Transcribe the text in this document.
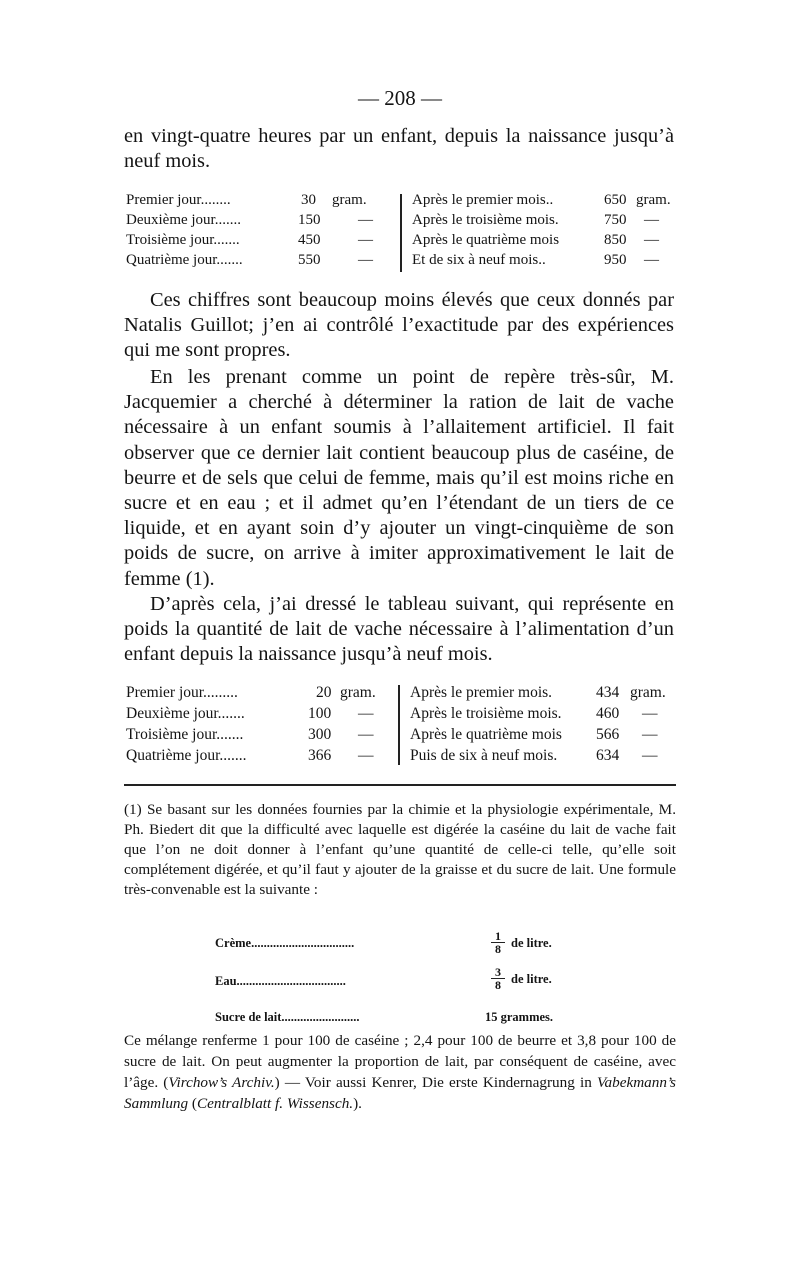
— 208 —

en vingt-quatre heures par un enfant, depuis la naissance jusqu’à neuf mois.

Premier jour........	30 gram.	Après le premier mois..	650 gram.
Deuxième jour.......	150	—	Après le troisième mois.	750 —
Troisième jour.......	450	—	Après le quatrième mois	850 —
Quatrième jour.......	550	—	Et de six à neuf mois..	950 —

Ces chiffres sont beaucoup moins élevés que ceux donnés par Natalis Guillot; j’en ai contrôlé l’exactitude par des expériences qui me sont propres.

En les prenant comme un point de repère très-sûr, M. Jacquemier a cherché à déterminer la ration de lait de vache nécessaire à un enfant soumis à l’allaitement artificiel. Il fait observer que ce dernier lait contient beaucoup plus de caséine, de beurre et de sels que celui de femme, mais qu’il est moins riche en sucre et en eau ; et il admet qu’en l’étendant de un tiers de ce liquide, et en ayant soin d’y ajouter un vingt-cinquième de son poids de sucre, on arrive à imiter approximativement le lait de femme (1).

D’après cela, j’ai dressé le tableau suivant, qui représente en poids la quantité de lait de vache nécessaire à l’alimentation d’un enfant depuis la naissance jusqu’à neuf mois.

Premier jour.........	20 gram. Après le premier mois.	434 gram.
Deuxième jour.......	100 — Après le troisième mois. 460 —
Troisième jour.......	300 — Après le quatrième mois 566 —
Quatrième jour.......	366 — Puis de six à neuf mois.	634 —

(1) Se basant sur les données fournies par la chimie et la physiologie expérimentale, M. Ph. Biedert dit que la difficulté avec laquelle est digérée la caséine du lait de vache fait que l’on ne doit donner à l’enfant qu’une quantité de celle-ci telle, qu’elle soit complétement digérée, et qu’il faut y ajouter de la graisse et du sucre de lait. Une formule très-convenable est la suivante :

Crème.................................	$\frac{1}{8}$ de litre.
Eau...................................	$\frac{3}{8}$ de litre.
Sucre de lait.........................	15 grammes.

Ce mélange renferme 1 pour 100 de caséine ; 2,4 pour 100 de beurre et 3,8 pour 100 de sucre de lait. On peut augmenter la proportion de lait, par conséquent de caséine, avec l’âge. (Virchow’s Archiv.) — Voir aussi Kenrer, Die erste Kindernagrung in Vabekmann’s Sammlung (Centralblatt f. Wissensch.).
